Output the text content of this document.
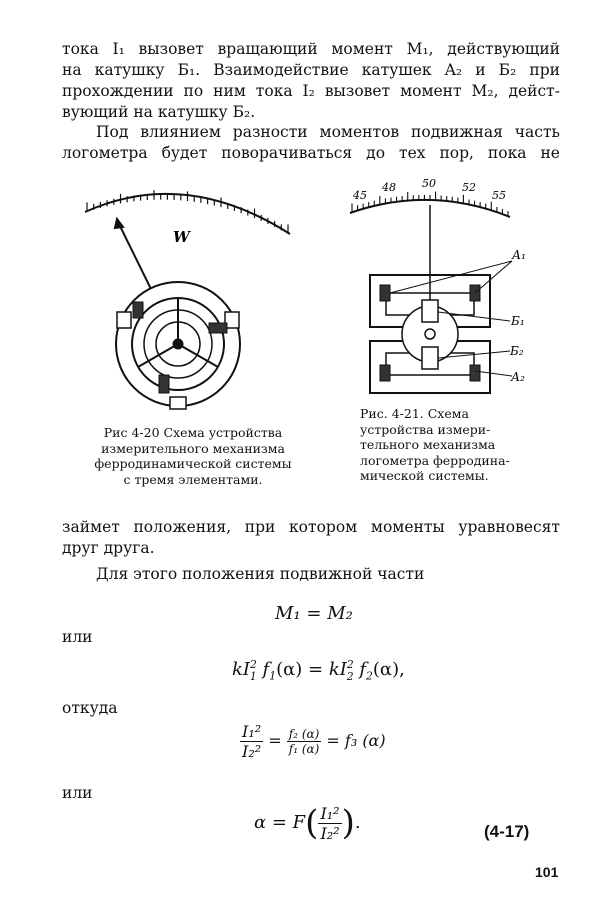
тока I₁ вызовет вращающий момент M₁, действующий
на катушку Б₁. Взаимодействие катушек A₂ и Б₂ при
прохождении по ним тока I₂ вызовет момент M₂, дейст-
вующий на катушку Б₂.
Под влиянием разности моментов подвижная часть
логометра будет поворачиваться до тех пор, пока не
W
Рис 4-20 Схема устройства
измерительного механизма
ферродинамической системы
с тремя элементами.
45
48 50 52
55
А₁
Б₁
Б₂
А₂
Рис. 4-21. Схема
устройства измери-
тельного механизма
логометра ферродина-
мической системы.
займет положения, при котором моменты уравновесят
друг друга.
Для этого положения подвижной части
M₁ = M₂
или
$kI^2_1$ $f_1(\alpha) = kI^2_2$ $f_2(\alpha)$,
откуда
$\frac{\text{I₁²}}{\text{I₂²}} = \frac{\text{f₂ (α)}}{\text{f₁ (α)}} = f_3$ (α)
или
$\alpha = F( \frac{\text{I₁²}}{\text{I₂²}}$ ).	(4-17)
101
